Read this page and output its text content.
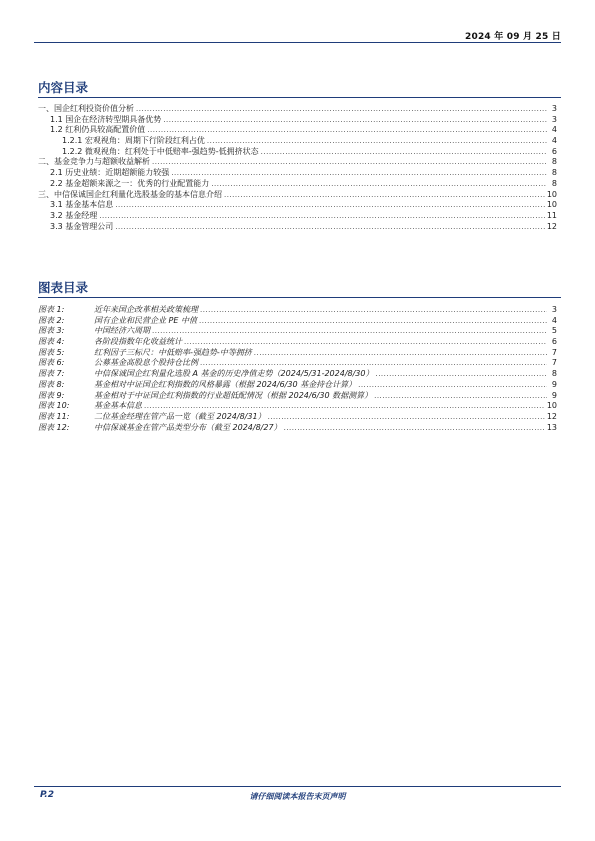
2024 年 09 月 25 日
内容目录
一、国企红利投资价值分析 .....	3
1.1 国企在经济转型期具备优势 .....	3
1.2 红利仍具较高配置价值 .....	4
1.2.1 宏观视角：周期下行阶段红利占优 .....	4
1.2.2 微观视角：红利处于中低赔率-强趋势-低拥挤状态 .....	6
二、基金竞争力与超额收益解析 .....	8
2.1 历史业绩：近期超额能力较强 .....	8
2.2 基金超额来源之一：优秀的行业配置能力 .....	8
三、中信保诚国企红利量化选股基金的基本信息介绍 .....	10
3.1 基金基本信息 .....	10
3.2 基金经理 .....	11
3.3 基金管理公司 .....	12
图表目录
图表 1:	近年来国企改革相关政策梳理 .....	3
图表 2:	国有企业和民营企业 PE 中值 .....	4
图表 3:	中国经济六周期 .....	5
图表 4:	各阶段指数年化收益统计 .....	6
图表 5:	红利因子三标尺：中低赔率-强趋势-中等拥挤 .....	7
图表 6:	公募基金高股息个股持仓比例 .....	7
图表 7:	中信保诚国企红利量化选股 A 基金的历史净值走势（2024/5/31-2024/8/30） .....	8
图表 8:	基金相对中证国企红利指数的风格暴露（根据 2024/6/30 基金持仓计算） .....	9
图表 9:	基金相对于中证国企红利指数的行业超低配情况（根据 2024/6/30 数据测算） .....	9
图表 10:	基金基本信息 .....	10
图表 11:	二位基金经理在管产品一览（截至 2024/8/31） .....	12
图表 12:	中信保诚基金在管产品类型分布（截至 2024/8/27） .....	13
P.2	请仔细阅读本报告末页声明
